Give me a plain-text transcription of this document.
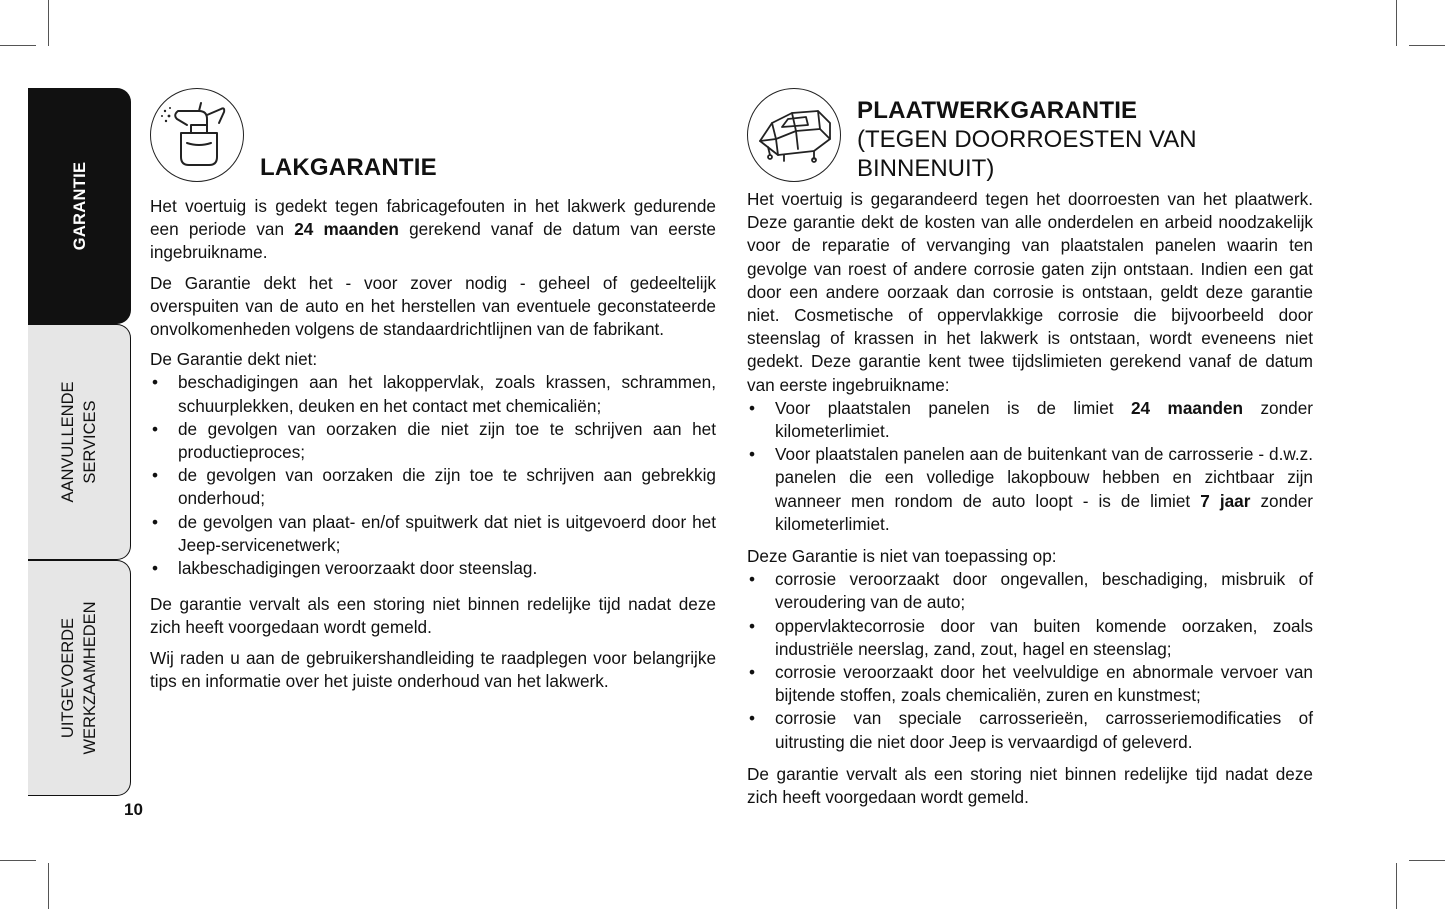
GARANTIE
AANVULLENDE SERVICES
UITGEVOERDE WERKZAAMHEDEN
10
LAKGARANTIE

Het voertuig is gedekt tegen fabricagefouten in het lakwerk gedurende een periode van 24 maanden gerekend vanaf de datum van eerste ingebruikname.

De Garantie dekt het - voor zover nodig - geheel of gedeeltelijk overspuiten van de auto en het herstellen van eventuele geconstateerde onvolkomenheden volgens de standaardrichtlijnen van de fabrikant.

De Garantie dekt niet:

• beschadigingen aan het lakoppervlak, zoals krassen, schrammen, schuurplekken, deuken en het contact met chemicaliën;
• de gevolgen van oorzaken die niet zijn toe te schrijven aan het productieproces;
• de gevolgen van oorzaken die zijn toe te schrijven aan gebrekkig onderhoud;
• de gevolgen van plaat- en/of spuitwerk dat niet is uitgevoerd door het Jeep-servicenetwerk;
• lakbeschadigingen veroorzaakt door steenslag.

De garantie vervalt als een storing niet binnen redelijke tijd nadat deze zich heeft voorgedaan wordt gemeld.

Wij raden u aan de gebruikershandleiding te raadplegen voor belangrijke tips en informatie over het juiste onderhoud van het lakwerk.

PLAATWERKGARANTIE
(TEGEN DOORROESTEN VAN
BINNENUIT)

Het voertuig is gegarandeerd tegen het doorroesten van het plaatwerk. Deze garantie dekt de kosten van alle onderdelen en arbeid noodzakelijk voor de reparatie of vervanging van plaatstalen panelen waarin ten gevolge van roest of andere corrosie gaten zijn ontstaan. Indien een gat door een andere oorzaak dan corrosie is ontstaan, geldt deze garantie niet. Cosmetische of oppervlakkige corrosie die bijvoorbeeld door steenslag of krassen in het lakwerk is ontstaan, wordt eveneens niet gedekt. Deze garantie kent twee tijdslimieten gerekend vanaf de datum van eerste ingebruikname:

• Voor plaatstalen panelen is de limiet 24 maanden zonder kilometerlimiet.
• Voor plaatstalen panelen aan de buitenkant van de carrosserie - d.w.z. panelen die een volledige lakopbouw hebben en zichtbaar zijn wanneer men rondom de auto loopt - is de limiet 7 jaar zonder kilometerlimiet.

Deze Garantie is niet van toepassing op:

• corrosie veroorzaakt door ongevallen, beschadiging, misbruik of veroudering van de auto;
• oppervlaktecorrosie door van buiten komende oorzaken, zoals industriële neerslag, zand, zout, hagel en steenslag;
• corrosie veroorzaakt door het veelvuldige en abnormale vervoer van bijtende stoffen, zoals chemicaliën, zuren en kunstmest;
• corrosie van speciale carrosserieën, carrosseriemodificaties of uitrusting die niet door Jeep is vervaardigd of geleverd.

De garantie vervalt als een storing niet binnen redelijke tijd nadat deze zich heeft voorgedaan wordt gemeld.
